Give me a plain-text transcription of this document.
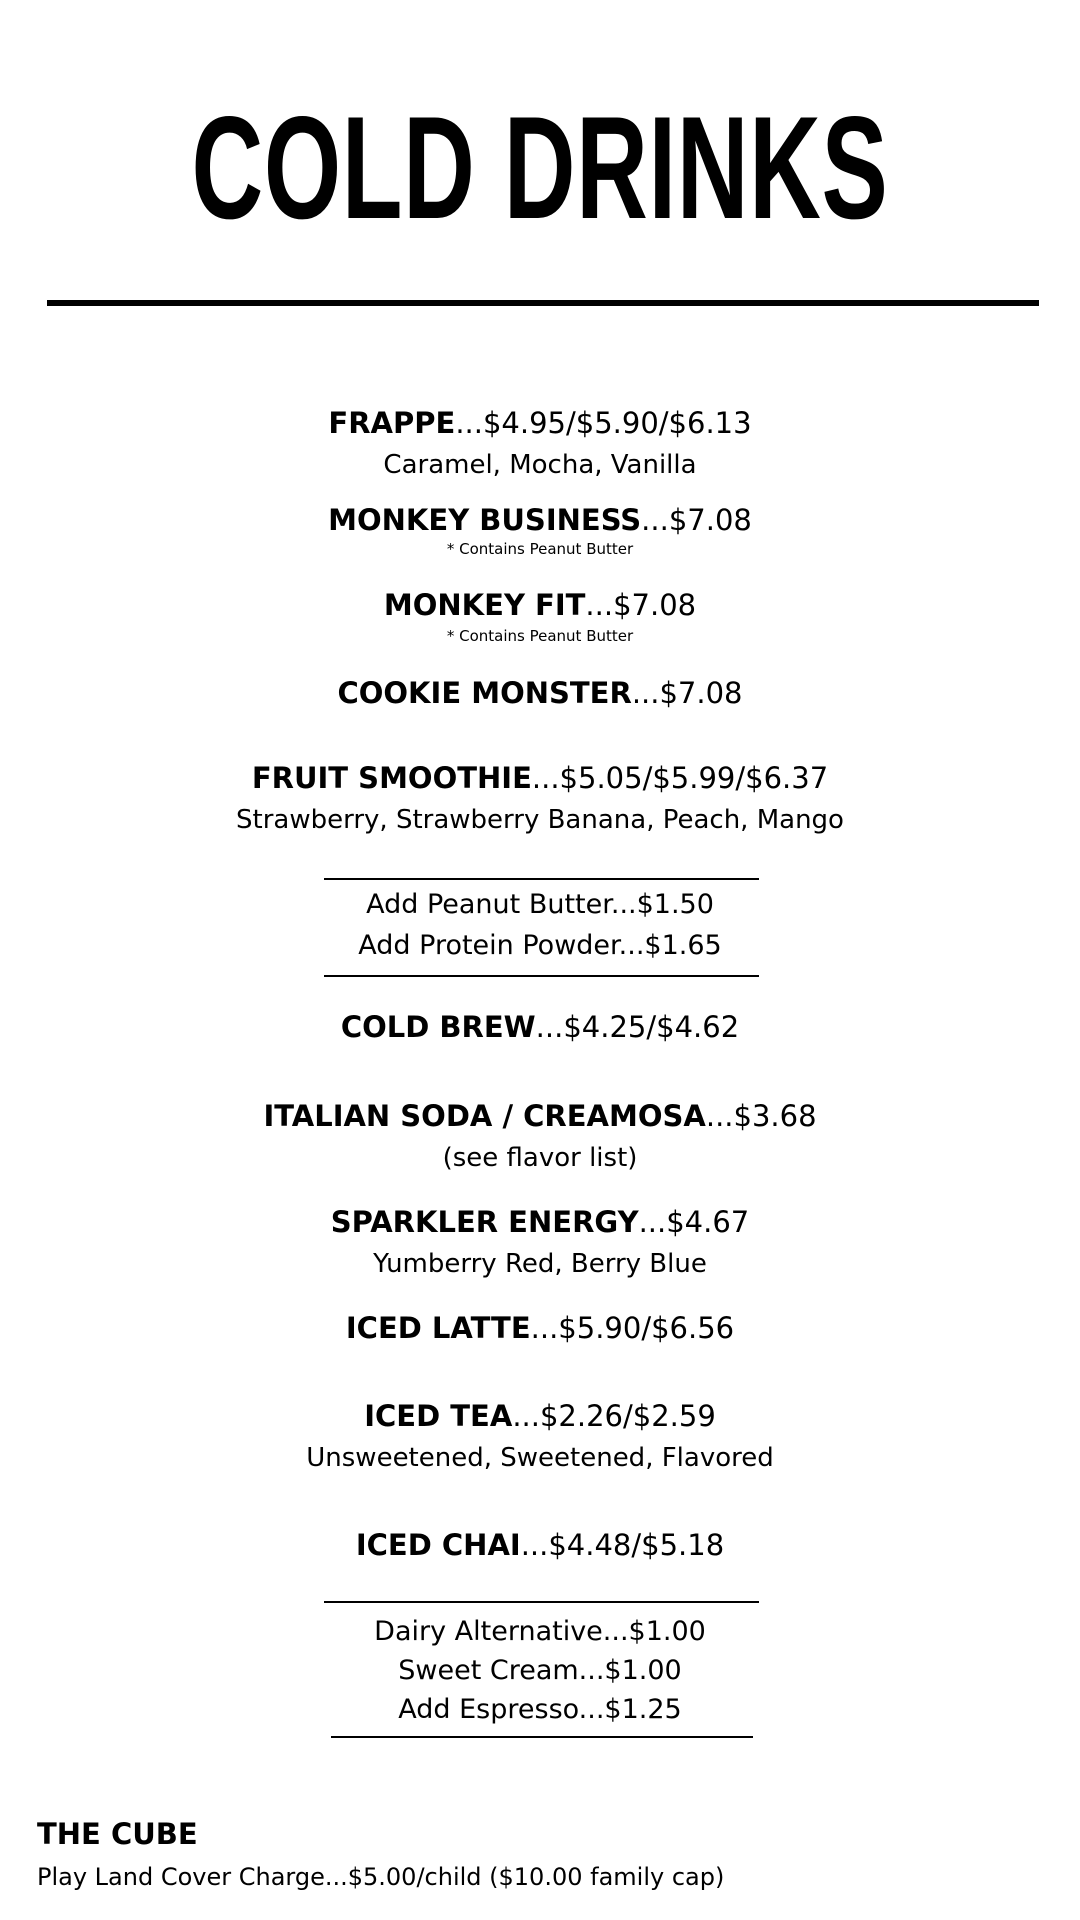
COLD DRINKS
FRAPPE...$4.95/$5.90/$6.13
Caramel, Mocha, Vanilla
MONKEY BUSINESS...$7.08
* Contains Peanut Butter
MONKEY FIT...$7.08
* Contains Peanut Butter
COOKIE MONSTER...$7.08
FRUIT SMOOTHIE...$5.05/$5.99/$6.37
Strawberry, Strawberry Banana, Peach, Mango
Add Peanut Butter...$1.50
Add Protein Powder...$1.65
COLD BREW...$4.25/$4.62
ITALIAN SODA / CREAMOSA...$3.68
(see flavor list)
SPARKLER ENERGY...$4.67
Yumberry Red, Berry Blue
ICED LATTE...$5.90/$6.56
ICED TEA...$2.26/$2.59
Unsweetened, Sweetened, Flavored
ICED CHAI...$4.48/$5.18
Dairy Alternative...$1.00
Sweet Cream...$1.00
Add Espresso...$1.25
THE CUBE
Play Land Cover Charge...$5.00/child ($10.00 family cap)
